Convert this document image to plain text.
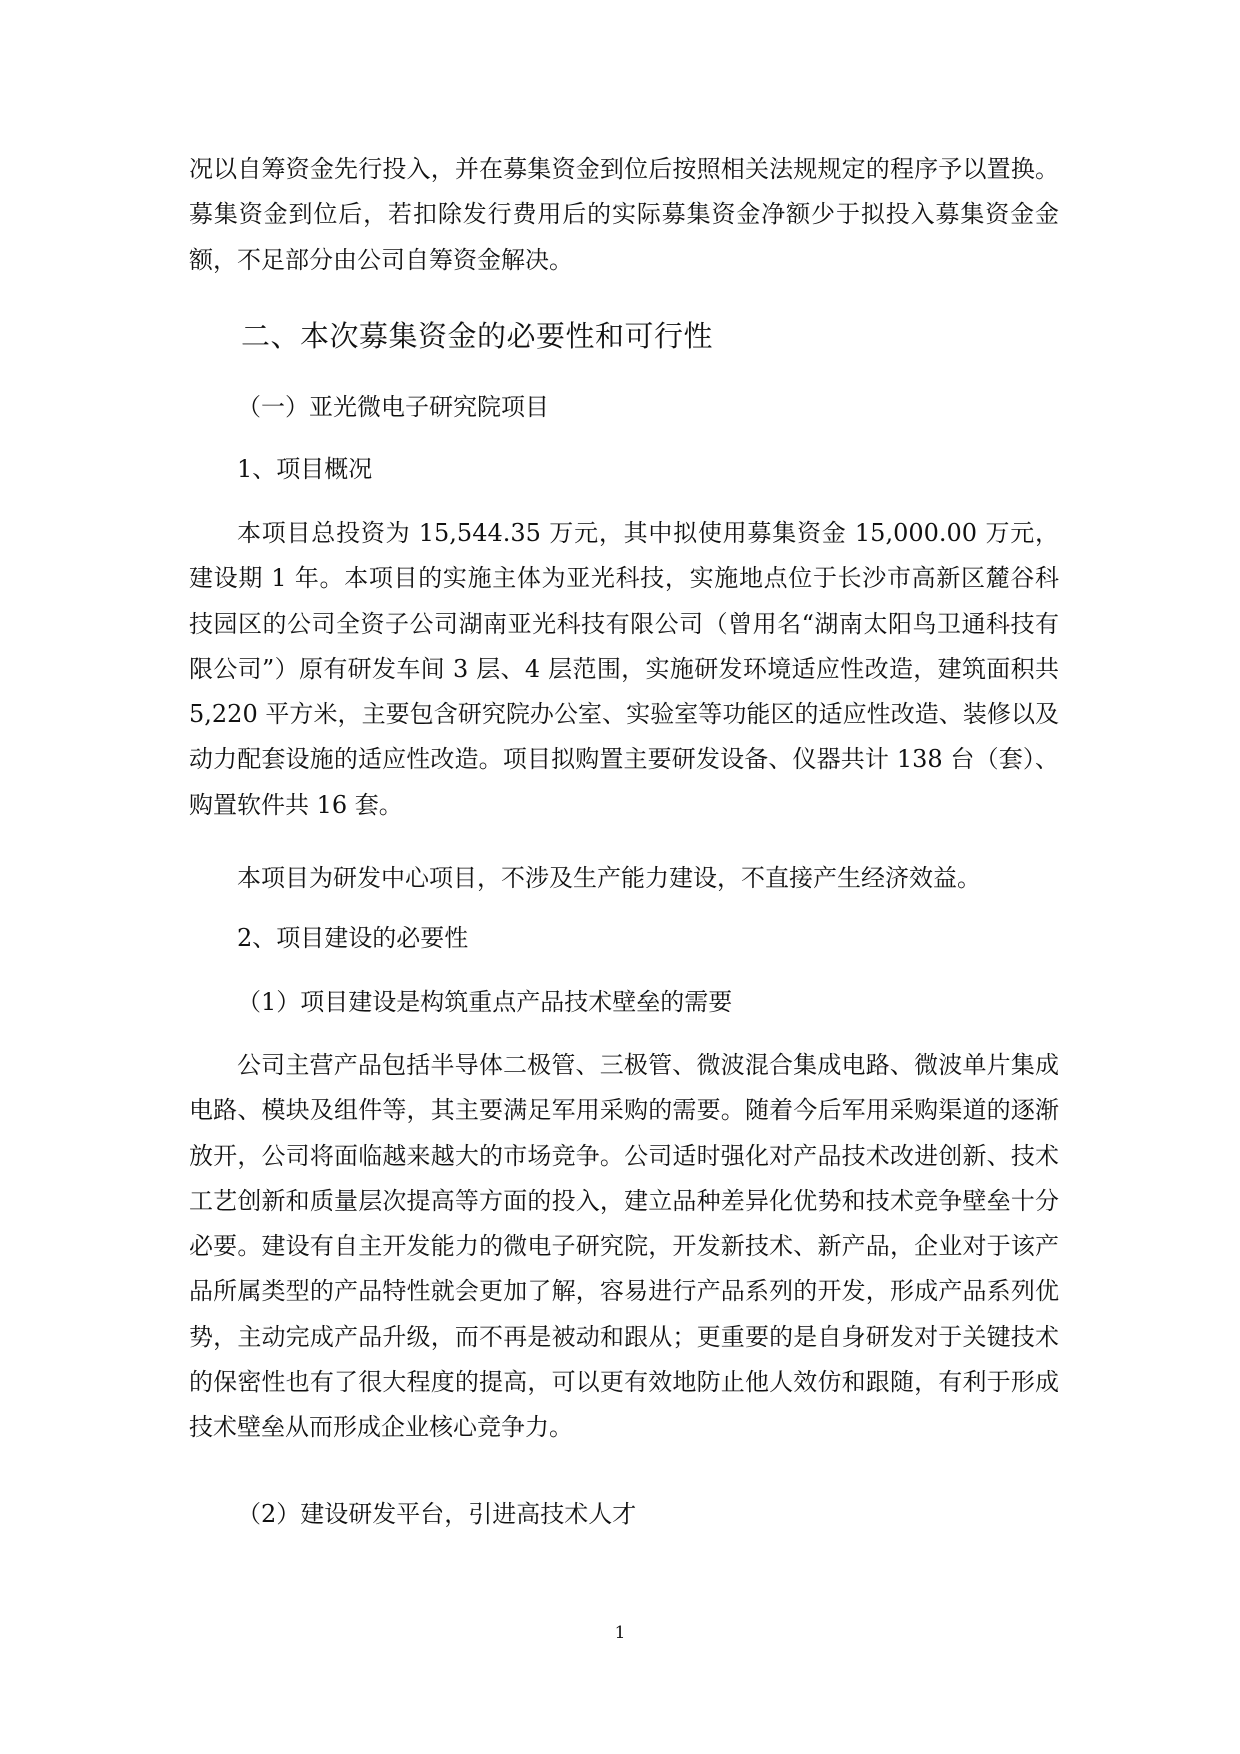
况以自筹资金先行投入，并在募集资金到位后按照相关法规规定的程序予以置换。募集资金到位后，若扣除发行费用后的实际募集资金净额少于拟投入募集资金金额，不足部分由公司自筹资金解决。

二、本次募集资金的必要性和可行性

（一）亚光微电子研究院项目

1、项目概况

本项目总投资为 15,544.35 万元，其中拟使用募集资金 15,000.00 万元，建设期 1 年。本项目的实施主体为亚光科技，实施地点位于长沙市高新区麓谷科技园区的公司全资子公司湖南亚光科技有限公司（曾用名“湖南太阳鸟卫通科技有限公司”）原有研发车间 3 层、4 层范围，实施研发环境适应性改造，建筑面积共 5,220 平方米，主要包含研究院办公室、实验室等功能区的适应性改造、装修以及动力配套设施的适应性改造。项目拟购置主要研发设备、仪器共计 138 台（套）、购置软件共 16 套。

本项目为研发中心项目，不涉及生产能力建设，不直接产生经济效益。

2、项目建设的必要性

（1）项目建设是构筑重点产品技术壁垒的需要

公司主营产品包括半导体二极管、三极管、微波混合集成电路、微波单片集成电路、模块及组件等，其主要满足军用采购的需要。随着今后军用采购渠道的逐渐放开，公司将面临越来越大的市场竞争。公司适时强化对产品技术改进创新、技术工艺创新和质量层次提高等方面的投入，建立品种差异化优势和技术竞争壁垒十分必要。建设有自主开发能力的微电子研究院，开发新技术、新产品，企业对于该产品所属类型的产品特性就会更加了解，容易进行产品系列的开发，形成产品系列优势，主动完成产品升级，而不再是被动和跟从；更重要的是自身研发对于关键技术的保密性也有了很大程度的提高，可以更有效地防止他人效仿和跟随，有利于形成技术壁垒从而形成企业核心竞争力。

（2）建设研发平台，引进高技术人才

1
